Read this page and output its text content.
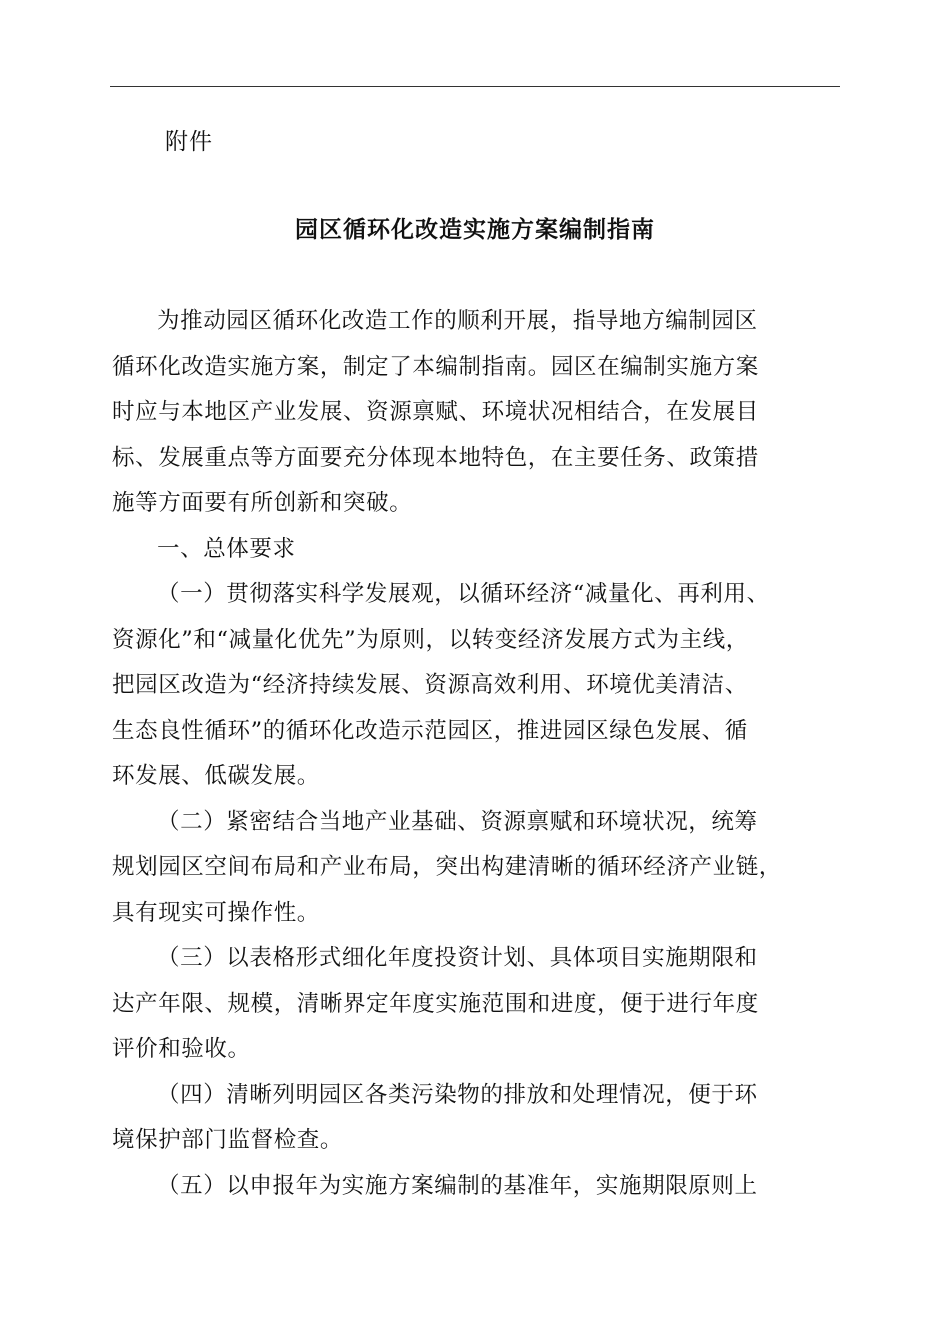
附件
园区循环化改造实施方案编制指南

为推动园区循环化改造工作的顺利开展，指导地方编制园区
循环化改造实施方案，制定了本编制指南。园区在编制实施方案
时应与本地区产业发展、资源禀赋、环境状况相结合，在发展目
标、发展重点等方面要充分体现本地特色，在主要任务、政策措
施等方面要有所创新和突破。

一、总体要求

（一）贯彻落实科学发展观，以循环经济“减量化、再利用、
资源化”和“减量化优先”为原则，以转变经济发展方式为主线，
把园区改造为“经济持续发展、资源高效利用、环境优美清洁、
生态良性循环”的循环化改造示范园区，推进园区绿色发展、循
环发展、低碳发展。

（二）紧密结合当地产业基础、资源禀赋和环境状况，统筹
规划园区空间布局和产业布局，突出构建清晰的循环经济产业链，
具有现实可操作性。

（三）以表格形式细化年度投资计划、具体项目实施期限和
达产年限、规模，清晰界定年度实施范围和进度，便于进行年度
评价和验收。

（四）清晰列明园区各类污染物的排放和处理情况，便于环
境保护部门监督检查。

（五）以申报年为实施方案编制的基准年，实施期限原则上
